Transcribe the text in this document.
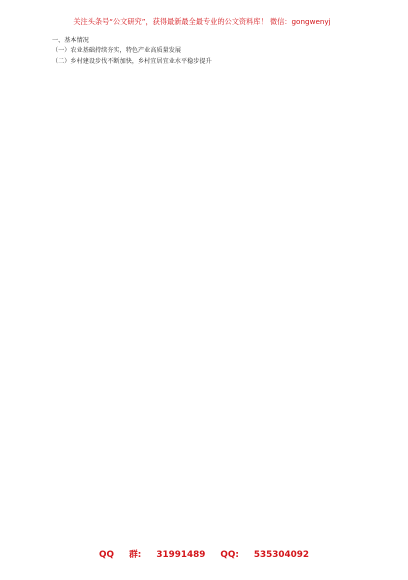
关注头条号“公文研究”，获得最新最全最专业的公文资料库！ 微信：gongwenyj

一、基本情况

（一）农业基础持续夯实，特色产业高质量发展

（二）乡村建设步伐不断加快，乡村宜居宜业水平稳步提升

QQ 群: 31991489 QQ: 535304092
